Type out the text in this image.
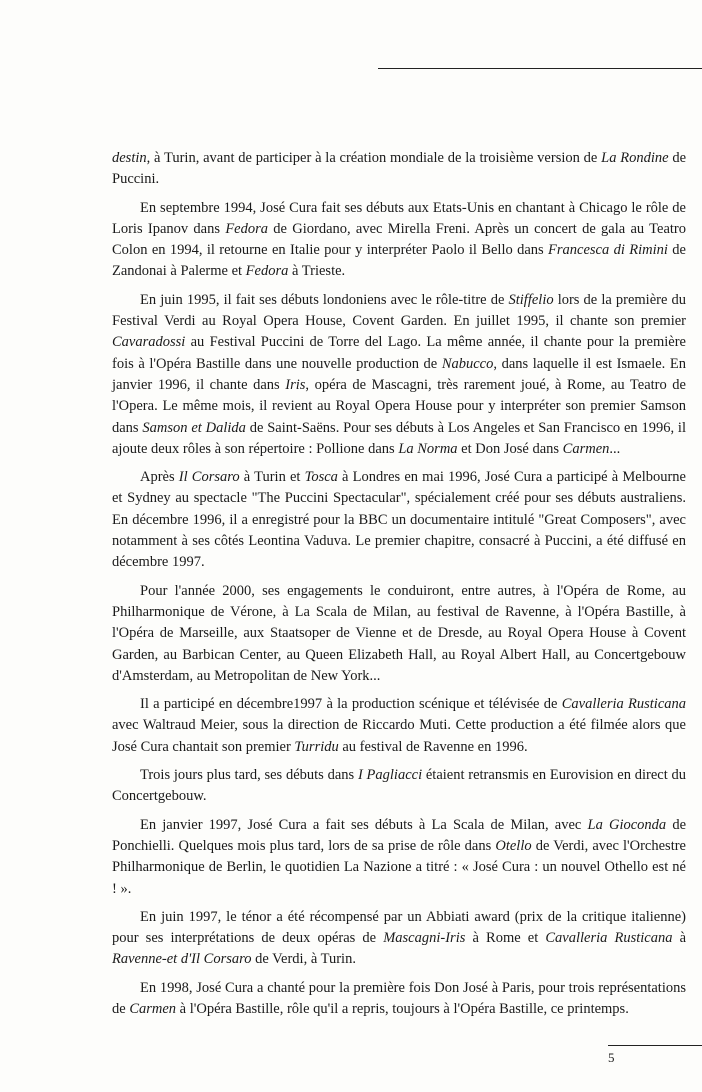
destin, à Turin, avant de participer à la création mondiale de la troisième version de La Rondine de Puccini.

En septembre 1994, José Cura fait ses débuts aux Etats-Unis en chantant à Chicago le rôle de Loris Ipanov dans Fedora de Giordano, avec Mirella Freni. Après un concert de gala au Teatro Colon en 1994, il retourne en Italie pour y interpréter Paolo il Bello dans Francesca di Rimini de Zandonai à Palerme et Fedora à Trieste.

En juin 1995, il fait ses débuts londoniens avec le rôle-titre de Stiffelio lors de la première du Festival Verdi au Royal Opera House, Covent Garden. En juillet 1995, il chante son premier Cavaradossi au Festival Puccini de Torre del Lago. La même année, il chante pour la première fois à l'Opéra Bastille dans une nouvelle production de Nabucco, dans laquelle il est Ismaele. En janvier 1996, il chante dans Iris, opéra de Mascagni, très rarement joué, à Rome, au Teatro de l'Opera. Le même mois, il revient au Royal Opera House pour y interpréter son premier Samson dans Samson et Dalida de Saint-Saëns. Pour ses débuts à Los Angeles et San Francisco en 1996, il ajoute deux rôles à son répertoire : Pollione dans La Norma et Don José dans Carmen...

Après Il Corsaro à Turin et Tosca à Londres en mai 1996, José Cura a participé à Melbourne et Sydney au spectacle "The Puccini Spectacular", spécialement créé pour ses débuts australiens. En décembre 1996, il a enregistré pour la BBC un documentaire intitulé "Great Composers", avec notamment à ses côtés Leontina Vaduva. Le premier chapitre, consacré à Puccini, a été diffusé en décembre 1997.

Pour l'année 2000, ses engagements le conduiront, entre autres, à l'Opéra de Rome, au Philharmonique de Vérone, à La Scala de Milan, au festival de Ravenne, à l'Opéra Bastille, à l'Opéra de Marseille, aux Staatsoper de Vienne et de Dresde, au Royal Opera House à Covent Garden, au Barbican Center, au Queen Elizabeth Hall, au Royal Albert Hall, au Concertgebouw d'Amsterdam, au Metropolitan de New York...

Il a participé en décembre1997 à la production scénique et télévisée de Cavalleria Rusticana avec Waltraud Meier, sous la direction de Riccardo Muti. Cette production a été filmée alors que José Cura chantait son premier Turridu au festival de Ravenne en 1996.

Trois jours plus tard, ses débuts dans I Pagliacci étaient retransmis en Eurovision en direct du Concertgebouw.

En janvier 1997, José Cura a fait ses débuts à La Scala de Milan, avec La Gioconda de Ponchielli. Quelques mois plus tard, lors de sa prise de rôle dans Otello de Verdi, avec l'Orchestre Philharmonique de Berlin, le quotidien La Nazione a titré : « José Cura : un nouvel Othello est né ! ».

En juin 1997, le ténor a été récompensé par un Abbiati award (prix de la critique italienne) pour ses interprétations de deux opéras de Mascagni-Iris à Rome et Cavalleria Rusticana à Ravenne-et d'Il Corsaro de Verdi, à Turin.

En 1998, José Cura a chanté pour la première fois Don José à Paris, pour trois représentations de Carmen à l'Opéra Bastille, rôle qu'il a repris, toujours à l'Opéra Bastille, ce printemps.

5
